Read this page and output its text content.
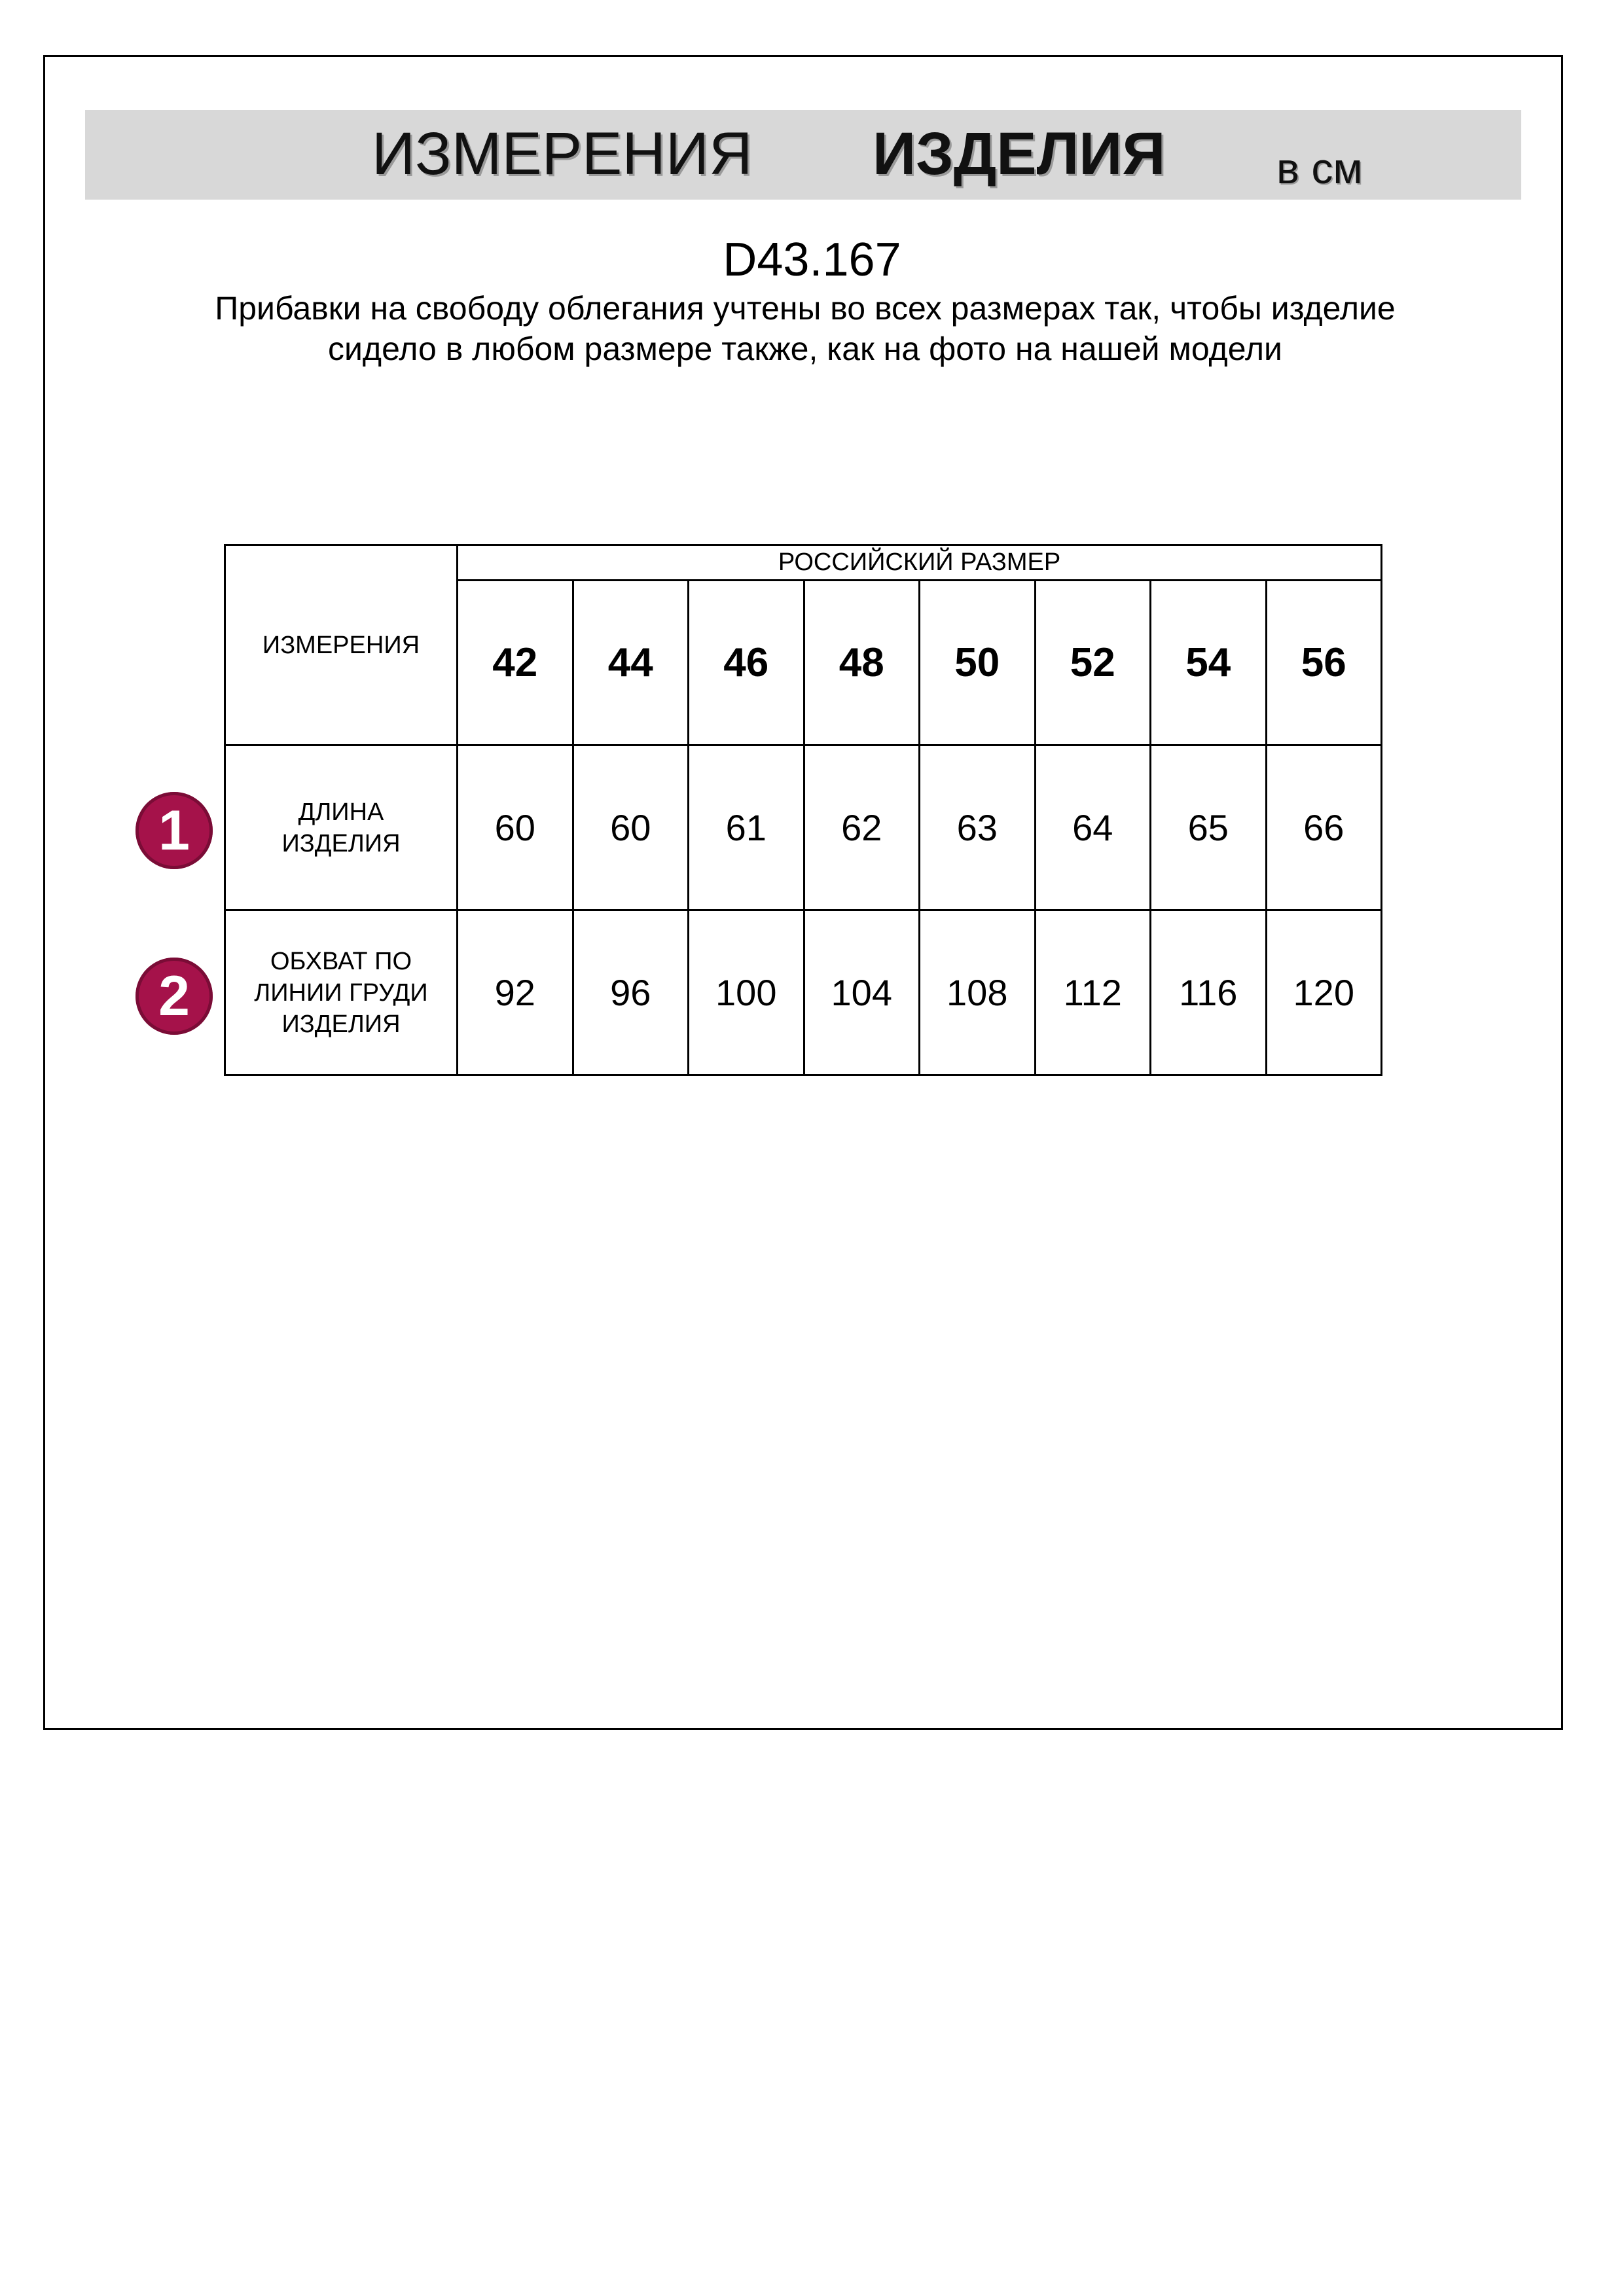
ИЗМЕРЕНИЯ ИЗДЕЛИЯ	в см
D43.167
Прибавки на свободу облегания учтены во всех размерах так, чтобы изделие сидело в любом размере также, как на фото на нашей модели
ИЗМЕРЕНИЯ	РОССИЙСКИЙ РАЗМЕР							
	42	44	46	48	50	52	54	56
ДЛИНА ИЗДЕЛИЯ	60	60	61	62	63	64	65	66
ОБХВАТ ПО ЛИНИИ ГРУДИ ИЗДЕЛИЯ	92	96	100	104	108	112	116	120
1
2
